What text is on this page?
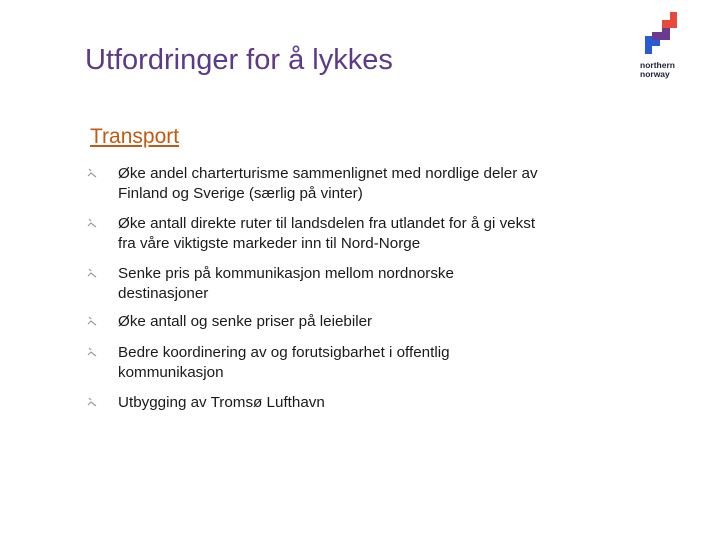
Utfordringer for å lykkes	northern
norway
Transport
Øke andel charterturisme sammenlignet med nordlige deler av Finland og Sverige (særlig på vinter)
Øke antall direkte ruter til landsdelen fra utlandet for å gi vekst fra våre viktigste markeder inn til Nord-Norge
Senke pris på kommunikasjon mellom nordnorske destinasjoner
Øke antall og senke priser på leiebiler
Bedre koordinering av og forutsigbarhet i offentlig kommunikasjon
Utbygging av Tromsø Lufthavn
